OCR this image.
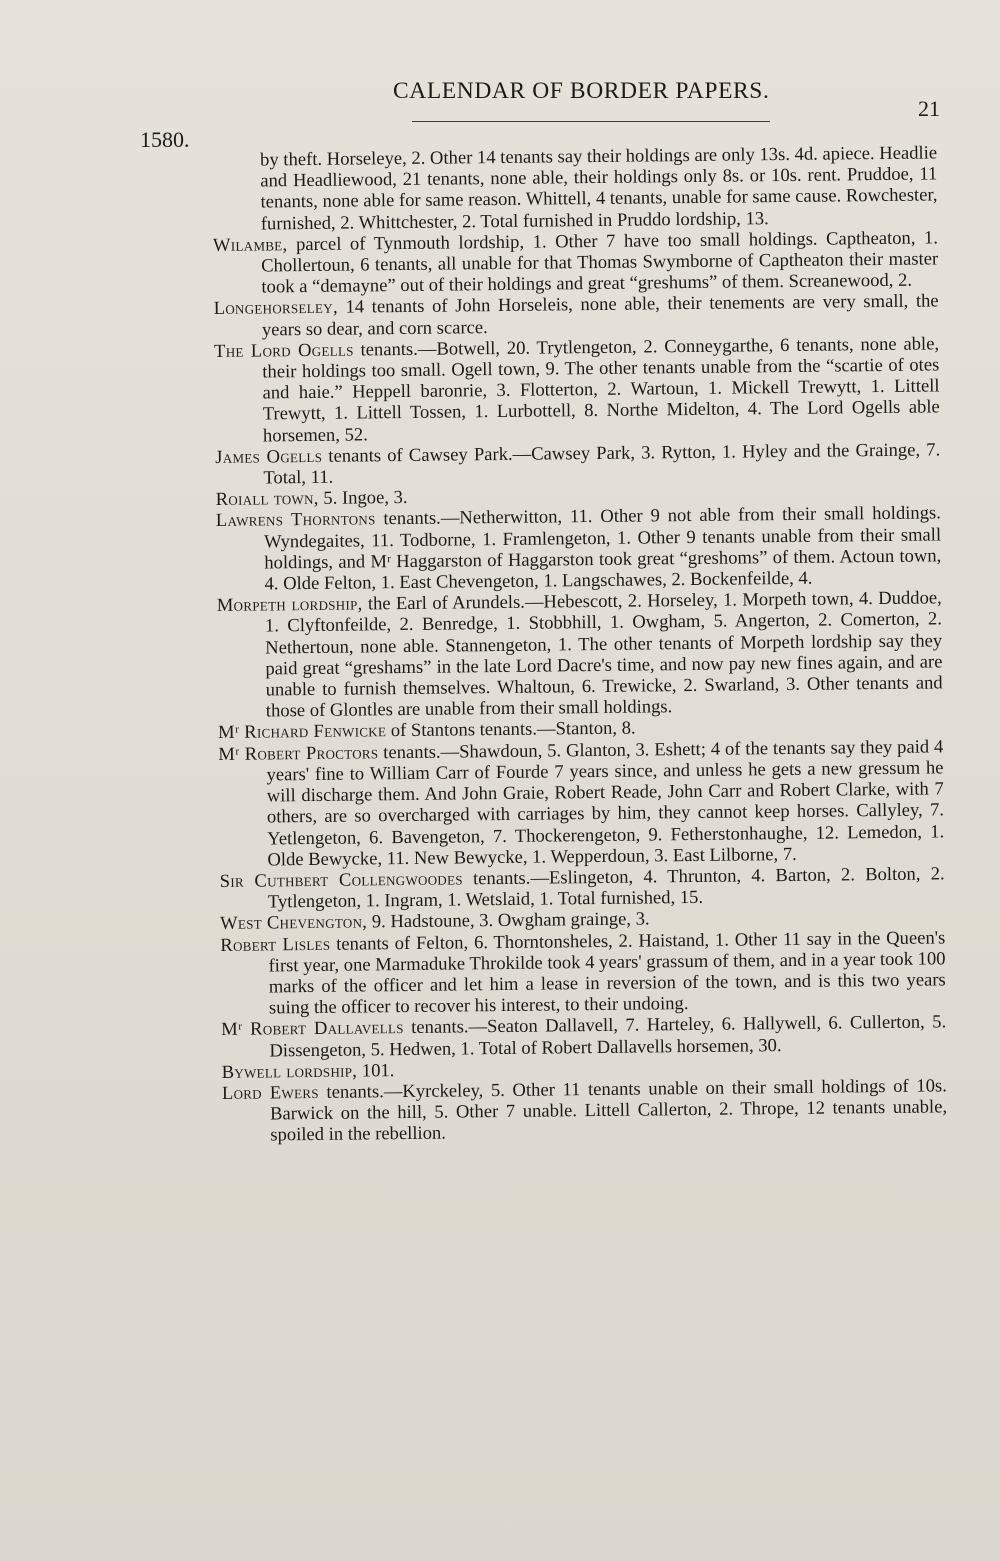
CALENDAR OF BORDER PAPERS.
21
1580.

by theft. Horseleye, 2. Other 14 tenants say their holdings are only 13s. 4d. apiece. Headlie and Headliewood, 21 tenants, none able, their holdings only 8s. or 10s. rent. Pruddoe, 11 tenants, none able for same reason. Whittell, 4 tenants, unable for same cause. Rowchester, furnished, 2. Whittchester, 2. Total furnished in Pruddo lordship, 13.

Wilambe, parcel of Tynmouth lordship, 1. Other 7 have too small holdings. Captheaton, 1. Chollertoun, 6 tenants, all unable for that Thomas Swymborne of Captheaton their master took a “demayne” out of their holdings and great “greshums” of them. Screanewood, 2.

Longehorseley, 14 tenants of John Horseleis, none able, their tenements are very small, the years so dear, and corn scarce.

The Lord Ogells tenants.—Botwell, 20. Trytlengeton, 2. Conneygarthe, 6 tenants, none able, their holdings too small. Ogell town, 9. The other tenants unable from the “scartie of otes and haie.” Heppell baronrie, 3. Flotterton, 2. Wartoun, 1. Mickell Trewytt, 1. Littell Trewytt, 1. Littell Tossen, 1. Lurbottell, 8. Northe Midelton, 4. The Lord Ogells able horsemen, 52.

James Ogells tenants of Cawsey Park.—Cawsey Park, 3. Rytton, 1. Hyley and the Grainge, 7. Total, 11.

Roiall town, 5. Ingoe, 3.

Lawrens Thorntons tenants.—Netherwitton, 11. Other 9 not able from their small holdings. Wyndegaites, 11. Todborne, 1. Framlengeton, 1. Other 9 tenants unable from their small holdings, and Mʳ Haggarston of Haggarston took great “greshoms” of them. Actoun town, 4. Olde Felton, 1. East Chevengeton, 1. Langschawes, 2. Bockenfeilde, 4.

Morpeth lordship, the Earl of Arundels.—Hebescott, 2. Horseley, 1. Morpeth town, 4. Duddoe, 1. Clyftonfeilde, 2. Benredge, 1. Stobbhill, 1. Owgham, 5. Angerton, 2. Comerton, 2. Nethertoun, none able. Stannengeton, 1. The other tenants of Morpeth lordship say they paid great “greshams” in the late Lord Dacre's time, and now pay new fines again, and are unable to furnish themselves. Whaltoun, 6. Trewicke, 2. Swarland, 3. Other tenants and those of Glontles are unable from their small holdings.

Mʳ Richard Fenwicke of Stantons tenants.—Stanton, 8.

Mʳ Robert Proctors tenants.—Shawdoun, 5. Glanton, 3. Eshett; 4 of the tenants say they paid 4 years' fine to William Carr of Fourde 7 years since, and unless he gets a new gressum he will discharge them. And John Graie, Robert Reade, John Carr and Robert Clarke, with 7 others, are so overcharged with carriages by him, they cannot keep horses. Callyley, 7. Yetlengeton, 6. Bavengeton, 7. Thockerengeton, 9. Fetherstonhaughe, 12. Lemedon, 1. Olde Bewycke, 11. New Bewycke, 1. Wepperdoun, 3. East Lilborne, 7.

Sir Cuthbert Collengwoodes tenants.—Eslingeton, 4. Thrunton, 4. Barton, 2. Bolton, 2. Tytlengeton, 1. Ingram, 1. Wetslaid, 1. Total furnished, 15.

West Chevengton, 9. Hadstoune, 3. Owgham grainge, 3.

Robert Lisles tenants of Felton, 6. Thorntonsheles, 2. Haistand, 1. Other 11 say in the Queen's first year, one Marmaduke Throkilde took 4 years' grassum of them, and in a year took 100 marks of the officer and let him a lease in reversion of the town, and is this two years suing the officer to recover his interest, to their undoing.

Mʳ Robert Dallavells tenants.—Seaton Dallavell, 7. Harteley, 6. Hallywell, 6. Cullerton, 5. Dissengeton, 5. Hedwen, 1. Total of Robert Dallavells horsemen, 30.

Bywell lordship, 101.

Lord Ewers tenants.—Kyrckeley, 5. Other 11 tenants unable on their small holdings of 10s. Barwick on the hill, 5. Other 7 unable. Littell Callerton, 2. Thrope, 12 tenants unable, spoiled in the rebellion.
